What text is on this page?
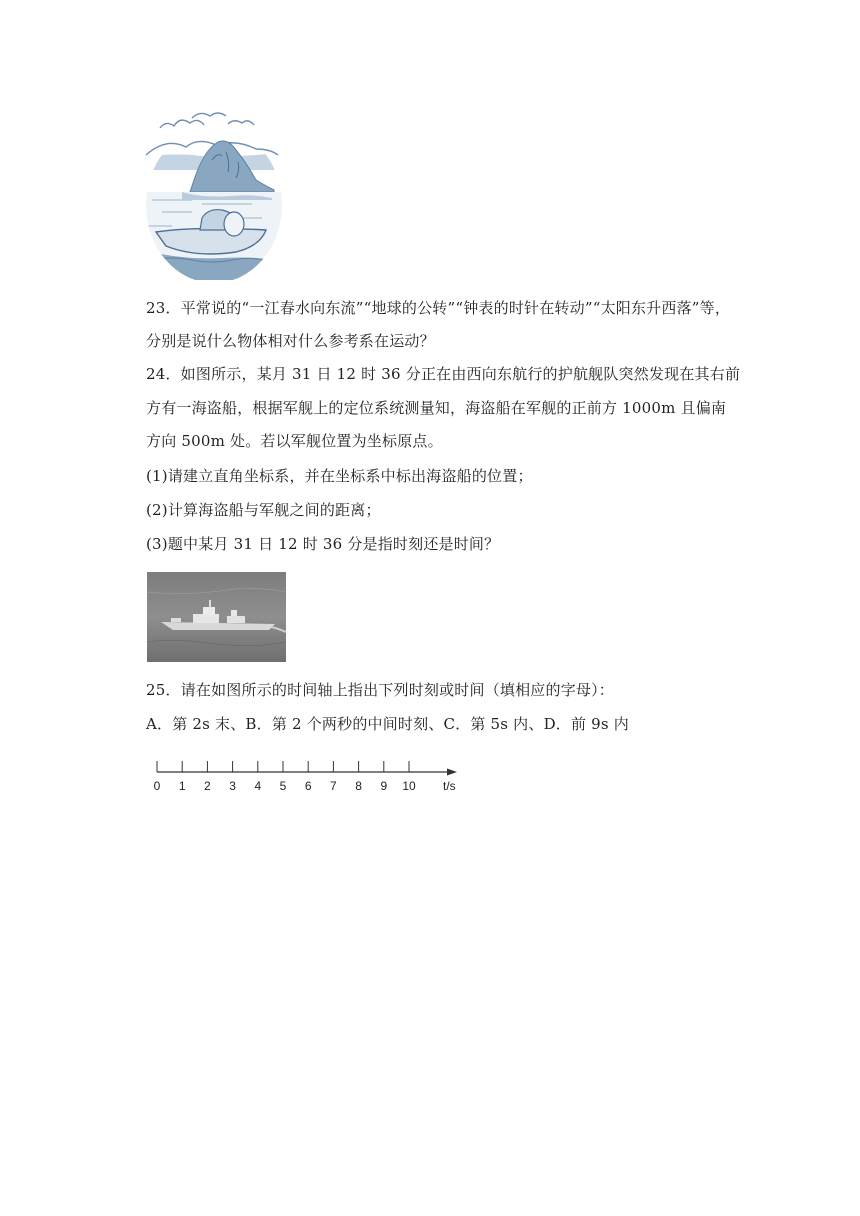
23．平常说的“一江春水向东流”“地球的公转”“钟表的时针在转动”“太阳东升西落”等，
分别是说什么物体相对什么参考系在运动？
24．如图所示，某月 31 日 12 时 36 分正在由西向东航行的护航舰队突然发现在其右前
方有一海盗船，根据军舰上的定位系统测量知，海盗船在军舰的正前方 1000m 且偏南
方向 500m 处。若以军舰位置为坐标原点。
(1)请建立直角坐标系，并在坐标系中标出海盗船的位置；
(2)计算海盗船与军舰之间的距离；
(3)题中某月 31 日 12 时 36 分是指时刻还是时间？
25．请在如图所示的时间轴上指出下列时刻或时间（填相应的字母）：
A．第 2s 末、B．第 2 个两秒的中间时刻、C．第 5s 内、D．前 9s 内
0 1 2 3 4 5 6 7 8 9 10 t/s
